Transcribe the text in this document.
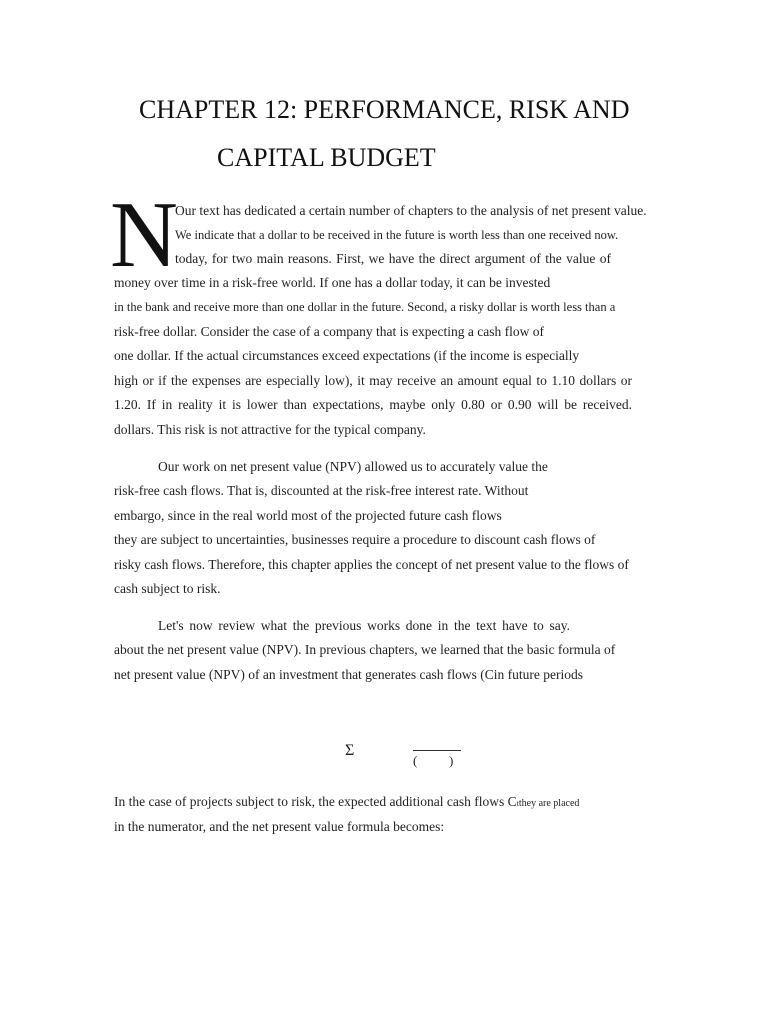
CHAPTER 12: PERFORMANCE, RISK AND
CAPITAL BUDGET
N
Our text has dedicated a certain number of chapters to the analysis of net present value.
We indicate that a dollar to be received in the future is worth less than one received now.
today, for two main reasons. First, we have the direct argument of the value of
money over time in a risk-free world. If one has a dollar today, it can be invested
in the bank and receive more than one dollar in the future. Second, a risky dollar is worth less than a
risk-free dollar. Consider the case of a company that is expecting a cash flow of
one dollar. If the actual circumstances exceed expectations (if the income is especially
high or if the expenses are especially low), it may receive an amount equal to 1.10 dollars or
1.20. If in reality it is lower than expectations, maybe only 0.80 or 0.90 will be received.
dollars. This risk is not attractive for the typical company.
Our work on net present value (NPV) allowed us to accurately value the
risk-free cash flows. That is, discounted at the risk-free interest rate. Without
embargo, since in the real world most of the projected future cash flows
they are subject to uncertainties, businesses require a procedure to discount cash flows of
risky cash flows. Therefore, this chapter applies the concept of net present value to the flows of
cash subject to risk.
Let's now review what the previous works done in the text have to say.
about the net present value (NPV). In previous chapters, we learned that the basic formula of
net present value (NPV) of an investment that generates cash flows (Cin future periods
Σ
( )
In the case of projects subject to risk, the expected additional cash flows Ctthey are placed
in the numerator, and the net present value formula becomes:
